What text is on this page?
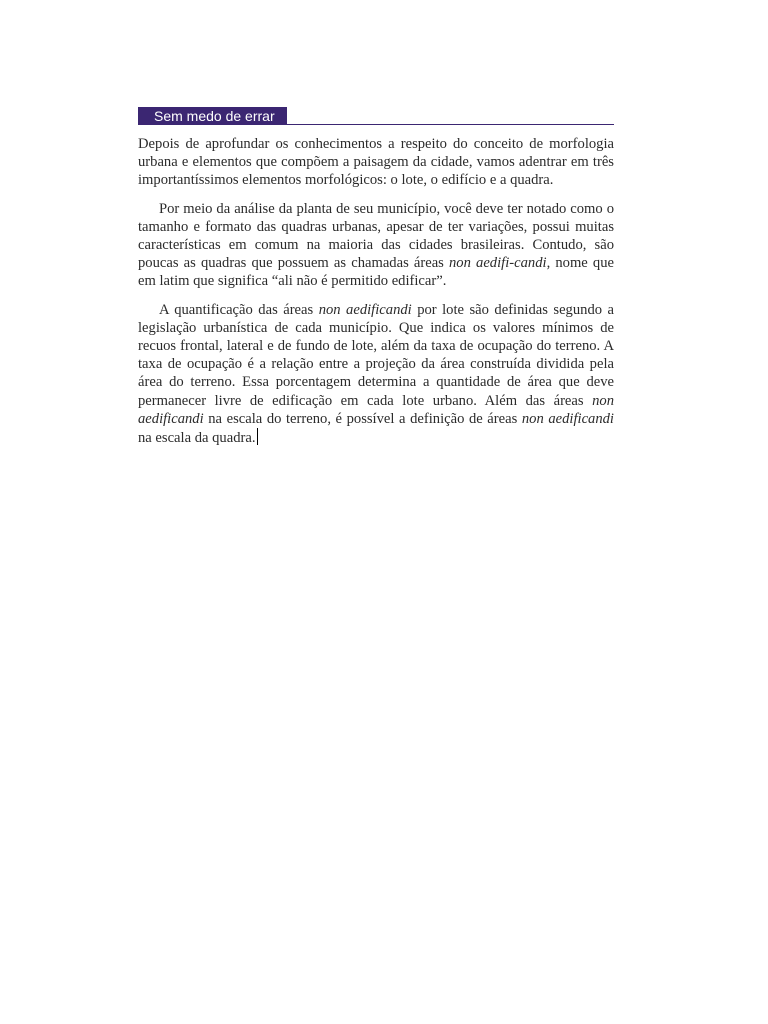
Sem medo de errar

Depois de aprofundar os conhecimentos a respeito do conceito de morfologia urbana e elementos que compõem a paisagem da cidade, vamos adentrar em três importantíssimos elementos morfológicos: o lote, o edifício e a quadra.

Por meio da análise da planta de seu município, você deve ter notado como o tamanho e formato das quadras urbanas, apesar de ter variações, possui muitas características em comum na maioria das cidades brasileiras. Contudo, são poucas as quadras que possuem as chamadas áreas non aedifi-candi, nome que em latim que significa “ali não é permitido edificar”.

A quantificação das áreas non aedificandi por lote são definidas segundo a legislação urbanística de cada município. Que indica os valores mínimos de recuos frontal, lateral e de fundo de lote, além da taxa de ocupação do terreno. A taxa de ocupação é a relação entre a projeção da área construída dividida pela área do terreno. Essa porcentagem determina a quantidade de área que deve permanecer livre de edificação em cada lote urbano. Além das áreas non aedificandi na escala do terreno, é possível a definição de áreas non aedificandi na escala da quadra.
